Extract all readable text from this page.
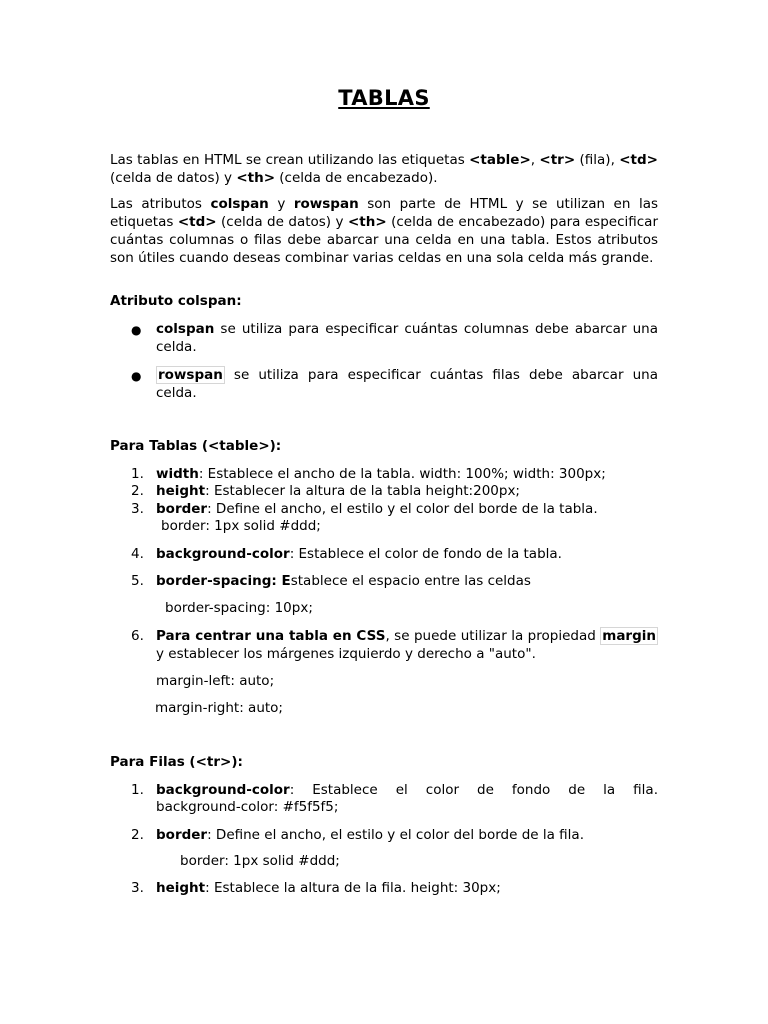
TABLAS
Las tablas en HTML se crean utilizando las etiquetas <table>, <tr> (fila), <td> (celda de datos) y <th> (celda de encabezado).
Las atributos colspan y rowspan son parte de HTML y se utilizan en las etiquetas <td> (celda de datos) y <th> (celda de encabezado) para especificar cuántas columnas o filas debe abarcar una celda en una tabla. Estos atributos son útiles cuando deseas combinar varias celdas en una sola celda más grande.
Atributo colspan:
● colspan se utiliza para especificar cuántas columnas debe abarcar una celda.
● rowspan se utiliza para especificar cuántas filas debe abarcar una celda.
Para Tablas (<table>):
1. width: Establece el ancho de la tabla. width: 100%; width: 300px;
2. height: Establecer la altura de la tabla height:200px;
3. border: Define el ancho, el estilo y el color del borde de la tabla.
border: 1px solid #ddd;
4. background-color: Establece el color de fondo de la tabla.
5. border-spacing: Establece el espacio entre las celdas
border-spacing: 10px;
6. Para centrar una tabla en CSS, se puede utilizar la propiedad margin y establecer los márgenes izquierdo y derecho a "auto".
margin-left: auto;
margin-right: auto;
Para Filas (<tr>):
1. background-color: Establece el color de fondo de la fila.
background-color: #f5f5f5;
2. border: Define el ancho, el estilo y el color del borde de la fila.
border: 1px solid #ddd;
3. height: Establece la altura de la fila. height: 30px;
